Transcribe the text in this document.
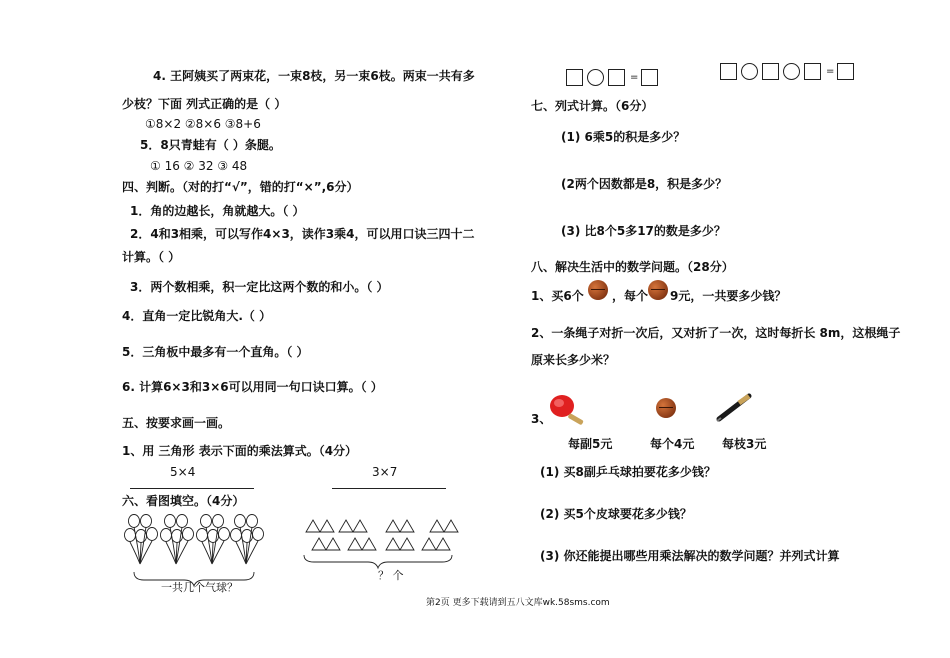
4. 王阿姨买了两束花，一束8枝，另一束6枝。两束一共有多
少枝？下面 列式正确的是（ ）
①8×2 ②8×6 ③8+6
5．8只青蛙有（ ）条腿。
① 16 ② 32 ③ 48
四、判断。（对的打“√”，错的打“×”,6分）
1．角的边越长，角就越大。（ ）
2．4和3相乘，可以写作4×3，读作3乘4，可以用口诀三四十二
计算。（ ）
3．两个数相乘，积一定比这两个数的和小。（ ）
4．直角一定比锐角大.（ ）
5．三角板中最多有一个直角。（ ）
6. 计算6×3和3×6可以用同一句口诀口算。（ ）
五、按要求画一画。
1、用 三角形 表示下面的乘法算式。（4分）
5×4	3×7
六、看图填空。（4分）
一共几个气球？
？ 个
=
=
七、列式计算。（6分）
(1) 6乘5的积是多少？
(2两个因数都是8，积是多少？
(3) 比8个5多17的数是多少？
八、解决生活中的数学问题。（28分）
1、买6个 ，每个 9元，一共要多少钱？
2、一条绳子对折一次后，又对折了一次，这时每折长 8m，这根绳子
原来长多少米？
3、
每副5元	每个4元 每枝3元
(1) 买8副乒乓球拍要花多少钱？
(2) 买5个皮球要花多少钱？
(3) 你还能提出哪些用乘法解决的数学问题？并列式计算
第2页 更多下载请到五八文库wk.58sms.com
